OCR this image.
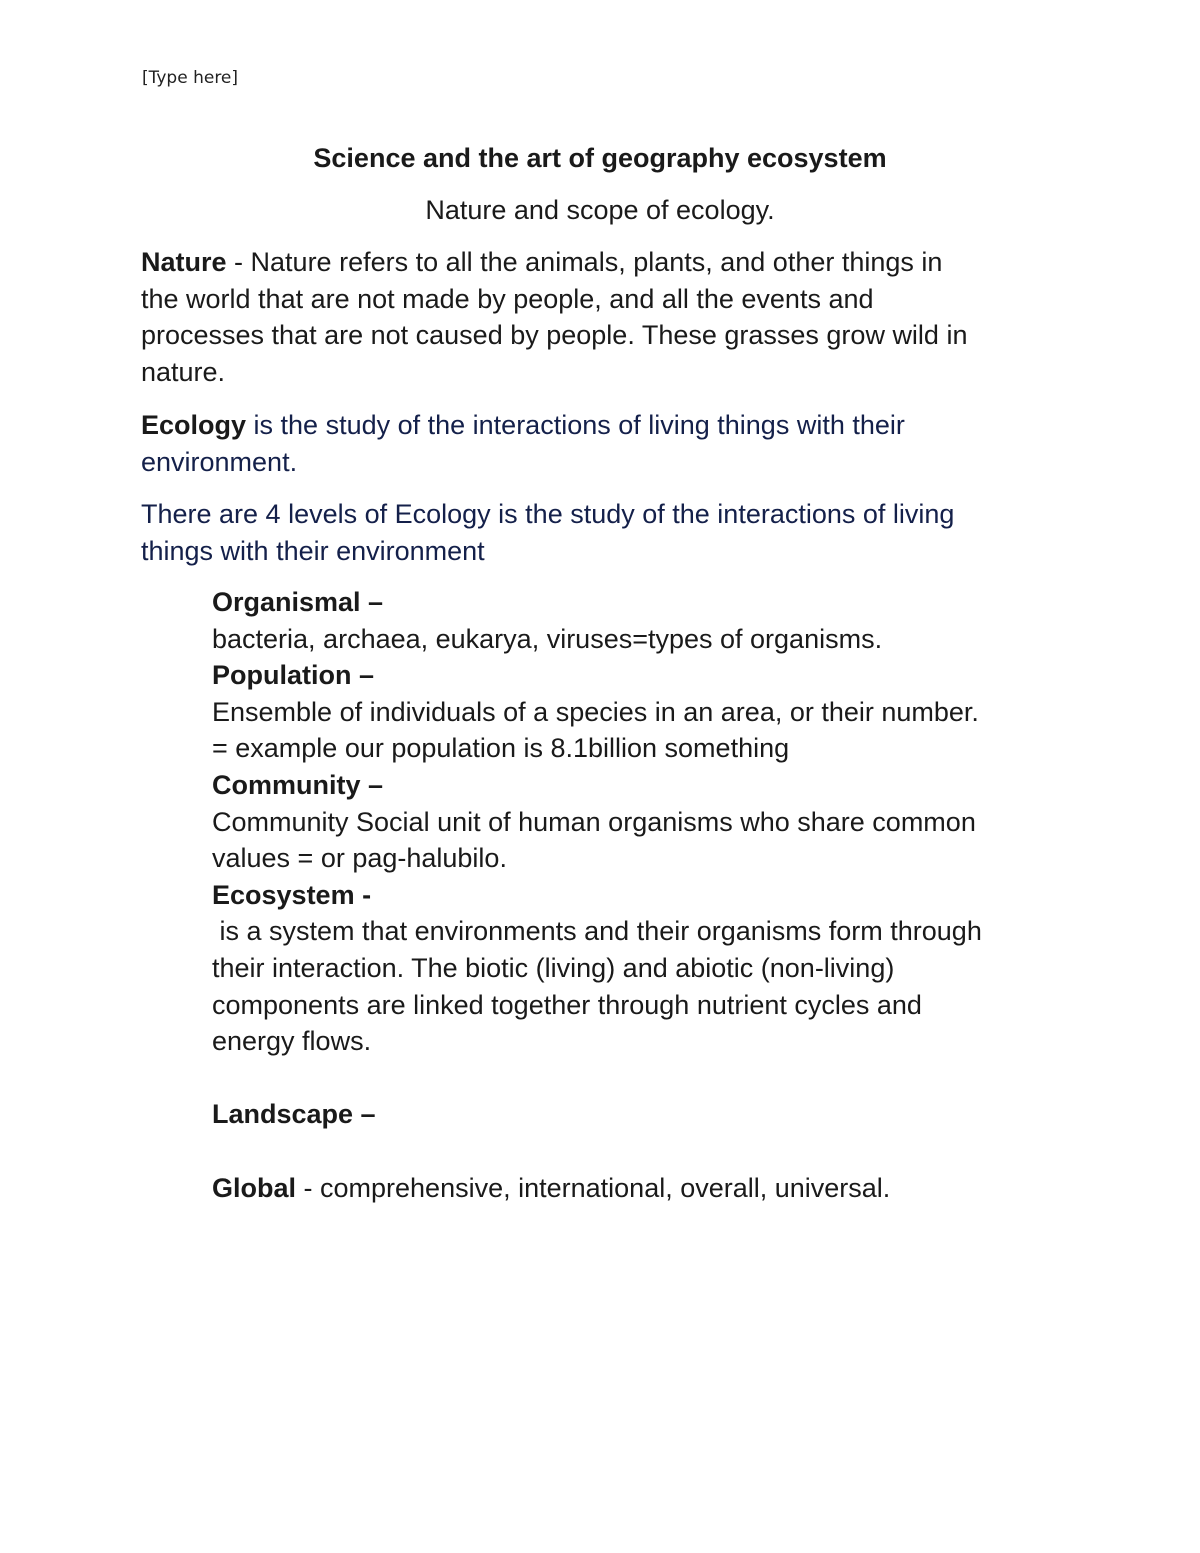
[Type here]
Science and the art of geography ecosystem
Nature and scope of ecology.

Nature - Nature refers to all the animals, plants, and other things in
the world that are not made by people, and all the events and
processes that are not caused by people. These grasses grow wild in
nature.

Ecology is the study of the interactions of living things with their
environment.

There are 4 levels of Ecology is the study of the interactions of living
things with their environment

Organismal –
bacteria, archaea, eukarya, viruses=types of organisms.
Population –
Ensemble of individuals of a species in an area, or their number.
= example our population is 8.1billion something
Community –
Community Social unit of human organisms who share common
values = or pag-halubilo.
Ecosystem -
is a system that environments and their organisms form through
their interaction. The biotic (living) and abiotic (non-living)
components are linked together through nutrient cycles and
energy flows.
Landscape –
Global - comprehensive, international, overall, universal.
